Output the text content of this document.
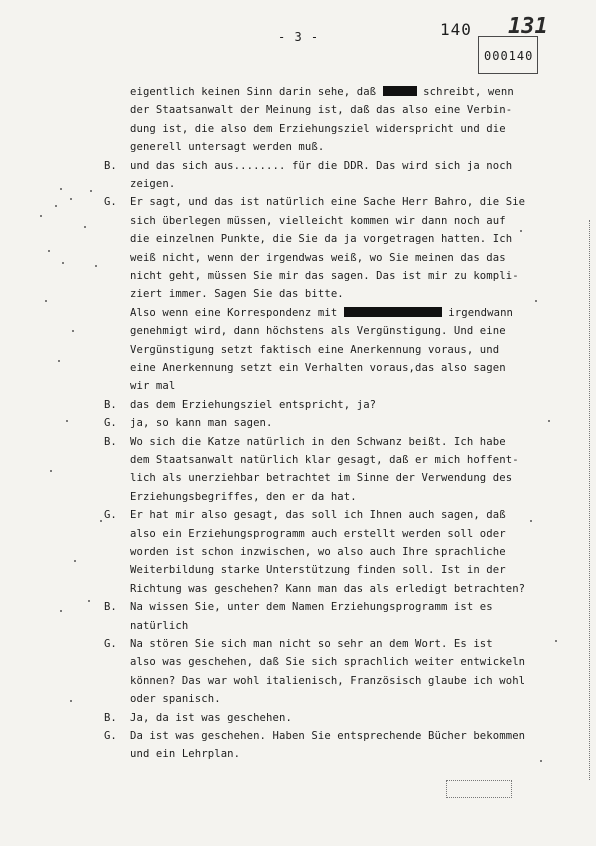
- 3 -	140 131
000140
eigentlich keinen Sinn darin sehe, daß	schreibt, wenn
der Staatsanwalt der Meinung ist, daß das also eine Verbin-
dung ist, die also dem Erziehungsziel widerspricht und die
generell untersagt werden muß.
B. und das sich aus........ für die DDR. Das wird sich ja noch
zeigen.
G. Er sagt, und das ist natürlich eine Sache Herr Bahro, die Sie
sich überlegen müssen, vielleicht kommen wir dann noch auf
die einzelnen Punkte, die Sie da ja vorgetragen hatten. Ich
weiß nicht, wenn der irgendwas weiß, wo Sie meinen das das
nicht geht, müssen Sie mir das sagen. Das ist mir zu kompli-
ziert immer. Sagen Sie das bitte.
Also wenn eine Korrespondenz mit	irgendwann
genehmigt wird, dann höchstens als Vergünstigung. Und eine
Vergünstigung setzt faktisch eine Anerkennung voraus, und
eine Anerkennung setzt ein Verhalten voraus,das also sagen
wir mal
B. das dem Erziehungsziel entspricht, ja?
G. ja, so kann man sagen.
B. Wo sich die Katze natürlich in den Schwanz beißt. Ich habe
dem Staatsanwalt natürlich klar gesagt, daß er mich hoffent-
lich als unerziehbar betrachtet im Sinne der Verwendung des
Erziehungsbegriffes, den er da hat.
G. Er hat mir also gesagt, das soll ich Ihnen auch sagen, daß
also ein Erziehungsprogramm auch erstellt werden soll oder
worden ist schon inzwischen, wo also auch Ihre sprachliche
Weiterbildung starke Unterstützung finden soll. Ist in der
Richtung was geschehen? Kann man das als erledigt betrachten?
B. Na wissen Sie, unter dem Namen Erziehungsprogramm ist es
natürlich
G. Na stören Sie sich man nicht so sehr an dem Wort. Es ist
also was geschehen, daß Sie sich sprachlich weiter entwickeln
können? Das war wohl italienisch, Französisch glaube ich wohl
oder spanisch.
B. Ja, da ist was geschehen.
G. Da ist was geschehen. Haben Sie entsprechende Bücher bekommen
und ein Lehrplan.
